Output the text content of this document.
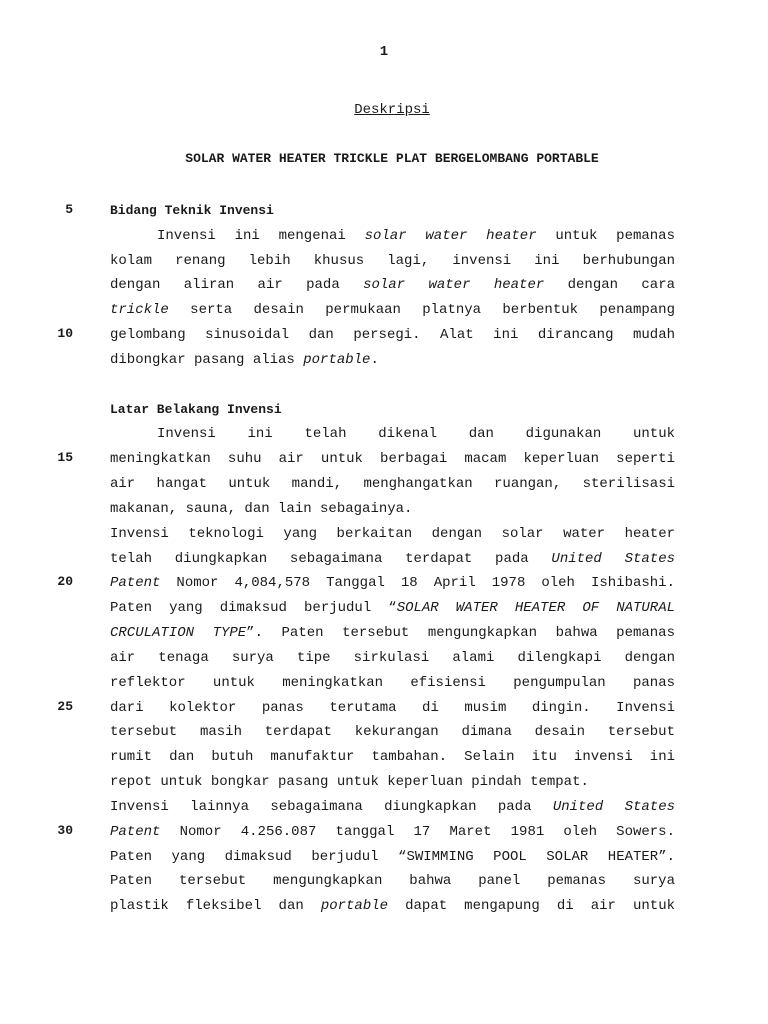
1
Deskripsi
SOLAR WATER HEATER TRICKLE PLAT BERGELOMBANG PORTABLE
5	Bidang Teknik Invensi
Invensi ini mengenai solar water heater untuk pemanas
kolam renang lebih khusus lagi, invensi ini berhubungan
dengan aliran air pada solar water heater dengan cara
trickle serta desain permukaan platnya berbentuk penampang
10	gelombang sinusoidal dan persegi. Alat ini dirancang mudah
dibongkar pasang alias portable.
Latar Belakang Invensi
Invensi ini telah dikenal dan digunakan untuk
15	meningkatkan suhu air untuk berbagai macam keperluan seperti
air hangat untuk mandi, menghangatkan ruangan, sterilisasi
makanan, sauna, dan lain sebagainya.
Invensi teknologi yang berkaitan dengan solar water heater
telah diungkapkan sebagaimana terdapat pada United States
20	Patent Nomor 4,084,578 Tanggal 18 April 1978 oleh Ishibashi.
Paten yang dimaksud berjudul “SOLAR WATER HEATER OF NATURAL
CRCULATION TYPE”. Paten tersebut mengungkapkan bahwa pemanas
air tenaga surya tipe sirkulasi alami dilengkapi dengan
reflektor untuk meningkatkan efisiensi pengumpulan panas
25	dari kolektor panas terutama di musim dingin. Invensi
tersebut masih terdapat kekurangan dimana desain tersebut
rumit dan butuh manufaktur tambahan. Selain itu invensi ini
repot untuk bongkar pasang untuk keperluan pindah tempat.
Invensi lainnya sebagaimana diungkapkan pada United States
30	Patent Nomor 4.256.087 tanggal 17 Maret 1981 oleh Sowers.
Paten yang dimaksud berjudul “SWIMMING POOL SOLAR HEATER”.
Paten tersebut mengungkapkan bahwa panel pemanas surya
plastik fleksibel dan portable dapat mengapung di air untuk
